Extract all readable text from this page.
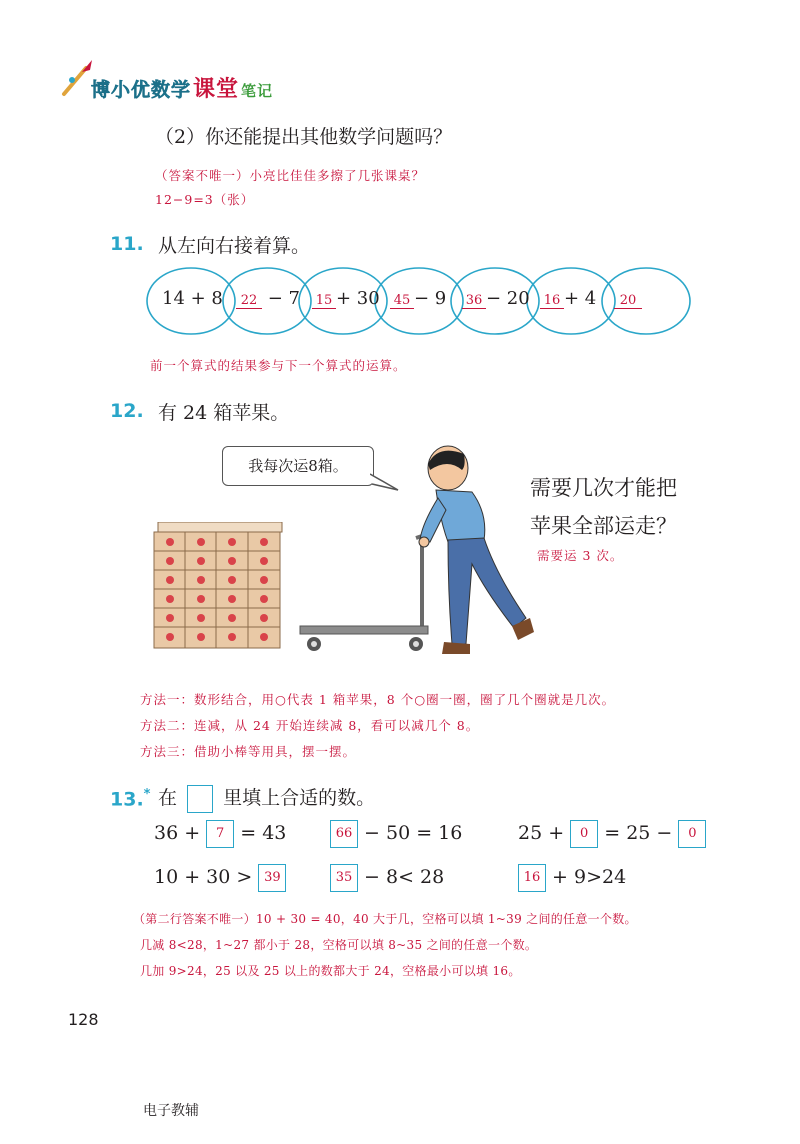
博小优数学课堂 笔记
（2）你还能提出其他数学问题吗？
（答案不唯一）小亮比佳佳多擦了几张课桌？
12−9=3（张）
11. 从左向右接着算。
14 + 8	22 − 7 15 + 30 45 − 9 36 − 20 16 + 4	20
前一个算式的结果参与下一个算式的运算。
12. 有 24 箱苹果。
我每次运8箱。
需要几次才能把
苹果全部运走？
需要运 3 次。
方法一：数形结合，用○代表 1 箱苹果，8 个○圈一圈，圈了几个圈就是几次。
方法二：连减，从 24 开始连续减 8，看可以减几个 8。
方法三：借助小棒等用具，摆一摆。
13.* 在 里填上合适的数。
36 + 7 = 43	66 − 50 = 16	25 + 0 = 25 − 0
10 + 30 > 39	35 − 8< 28	16 + 9>24
（第二行答案不唯一）10 + 30 = 40，40 大于几，空格可以填 1~39 之间的任意一个数。
几减 8<28，1~27 都小于 28，空格可以填 8~35 之间的任意一个数。
几加 9>24，25 以及 25 以上的数都大于 24，空格最小可以填 16。
128
电子教辅
